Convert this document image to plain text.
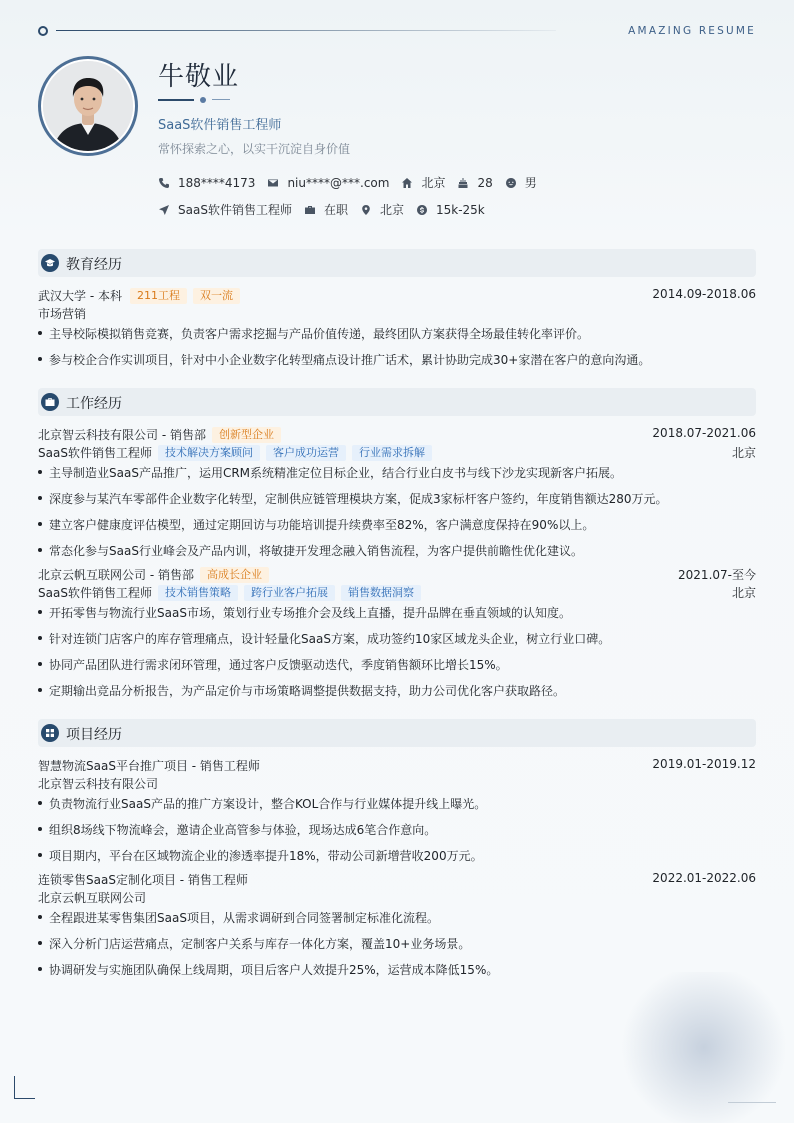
AMAZING RESUME
牛敬业
SaaS软件销售工程师
常怀探索之心，以实干沉淀自身价值
188****4173	niu****@***.com	北京	28	男
SaaS软件销售工程师	在职	北京	15k-25k
教育经历
武汉大学 - 本科	211工程	双一流	2014.09-2018.06
市场营销
主导校际模拟销售竞赛，负责客户需求挖掘与产品价值传递，最终团队方案获得全场最佳转化率评价。
参与校企合作实训项目，针对中小企业数字化转型痛点设计推广话术，累计协助完成30+家潜在客户的意向沟通。
工作经历
北京智云科技有限公司 - 销售部	创新型企业	2018.07-2021.06
SaaS软件销售工程师	技术解决方案顾问	客户成功运营	行业需求拆解	北京
主导制造业SaaS产品推广，运用CRM系统精准定位目标企业，结合行业白皮书与线下沙龙实现新客户拓展。
深度参与某汽车零部件企业数字化转型，定制供应链管理模块方案，促成3家标杆客户签约，年度销售额达280万元。
建立客户健康度评估模型，通过定期回访与功能培训提升续费率至82%，客户满意度保持在90%以上。
常态化参与SaaS行业峰会及产品内训，将敏捷开发理念融入销售流程，为客户提供前瞻性优化建议。
北京云帆互联网公司 - 销售部	高成长企业	2021.07-至今
SaaS软件销售工程师	技术销售策略	跨行业客户拓展	销售数据洞察	北京
开拓零售与物流行业SaaS市场，策划行业专场推介会及线上直播，提升品牌在垂直领域的认知度。
针对连锁门店客户的库存管理痛点，设计轻量化SaaS方案，成功签约10家区域龙头企业，树立行业口碑。
协同产品团队进行需求闭环管理，通过客户反馈驱动迭代，季度销售额环比增长15%。
定期输出竞品分析报告，为产品定价与市场策略调整提供数据支持，助力公司优化客户获取路径。
项目经历
智慧物流SaaS平台推广项目 - 销售工程师	2019.01-2019.12
北京智云科技有限公司
负责物流行业SaaS产品的推广方案设计，整合KOL合作与行业媒体提升线上曝光。
组织8场线下物流峰会，邀请企业高管参与体验，现场达成6笔合作意向。
项目期内，平台在区域物流企业的渗透率提升18%，带动公司新增营收200万元。
连锁零售SaaS定制化项目 - 销售工程师	2022.01-2022.06
北京云帆互联网公司
全程跟进某零售集团SaaS项目，从需求调研到合同签署制定标准化流程。
深入分析门店运营痛点，定制客户关系与库存一体化方案，覆盖10+业务场景。
协调研发与实施团队确保上线周期，项目后客户人效提升25%，运营成本降低15%。
